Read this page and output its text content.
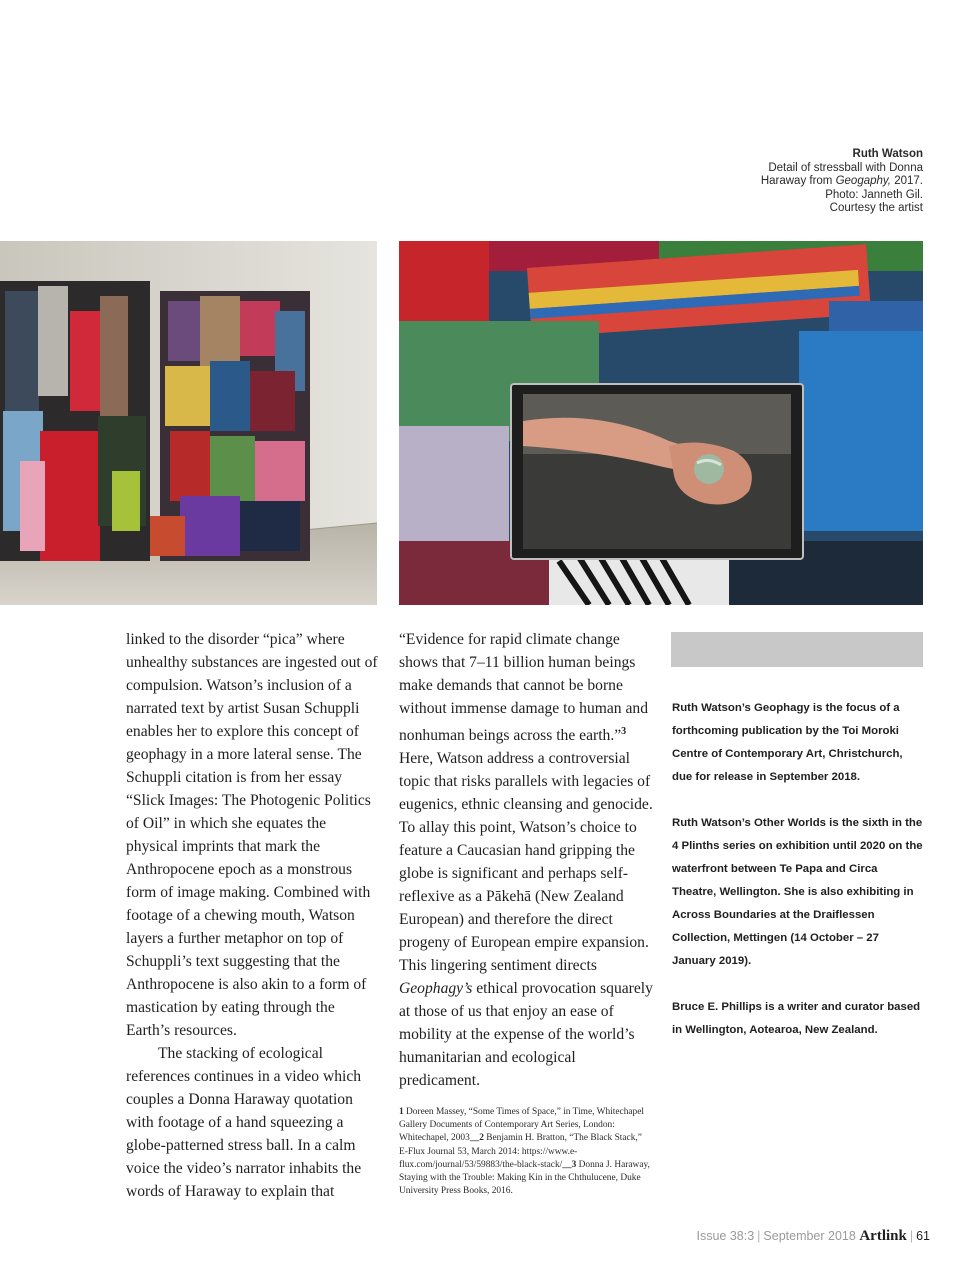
Ruth Watson
Detail of stressball with Donna
Haraway from Geogaphy, 2017.
Photo: Janneth Gil.
Courtesy the artist

linked to the disorder “pica” where unhealthy substances are ingested out of compulsion. Watson’s inclusion of a narrated text by artist Susan Schuppli enables her to explore this concept of geophagy in a more lateral sense. The Schuppli citation is from her essay “Slick Images: The Photogenic Politics of Oil” in which she equates the physical imprints that mark the Anthropocene epoch as a monstrous form of image making. Combined with footage of a chewing mouth, Watson layers a further metaphor on top of Schuppli’s text suggesting that the Anthropocene is also akin to a form of mastication by eating through the Earth’s resources.

The stacking of ecological references continues in a video which couples a Donna Haraway quotation with footage of a hand squeezing a globe-patterned stress ball. In a calm voice the video’s narrator inhabits the words of Haraway to explain that

“Evidence for rapid climate change shows that 7–11 billion human beings make demands that cannot be borne without immense damage to human and nonhuman beings across the earth.”$^3$ Here, Watson address a controversial topic that risks parallels with legacies of eugenics, ethnic cleansing and genocide. To allay this point, Watson’s choice to feature a Caucasian hand gripping the globe is significant and perhaps self-reflexive as a Pākehā (New Zealand European) and therefore the direct progeny of European empire expansion. This lingering sentiment directs Geophagy’s ethical provocation squarely at those of us that enjoy an ease of mobility at the expense of the world’s humanitarian and ecological predicament.

1 Doreen Massey, “Some Times of Space,” in Time, Whitechapel Gallery Documents of Contemporary Art Series, London: Whitechapel, 2003__2 Benjamin H. Bratton, “The Black Stack,” E-Flux Journal 53, March 2014: https://www.e-flux.com/journal/53/59883/the-black-stack/__3 Donna J. Haraway, Staying with the Trouble: Making Kin in the Chthulucene, Duke University Press Books, 2016.

Ruth Watson’s Geophagy is the focus of a forthcoming publication by the Toi Moroki Centre of Contemporary Art, Christchurch, due for release in September 2018.

Ruth Watson’s Other Worlds is the sixth in the 4 Plinths series on exhibition until 2020 on the waterfront between Te Papa and Circa Theatre, Wellington. She is also exhibiting in Across Boundaries at the Draiflessen Collection, Mettingen (14 October – 27 January 2019).

Bruce E. Phillips is a writer and curator based in Wellington, Aotearoa, New Zealand.

Issue 38:3 | September 2018 Artlink | 61
